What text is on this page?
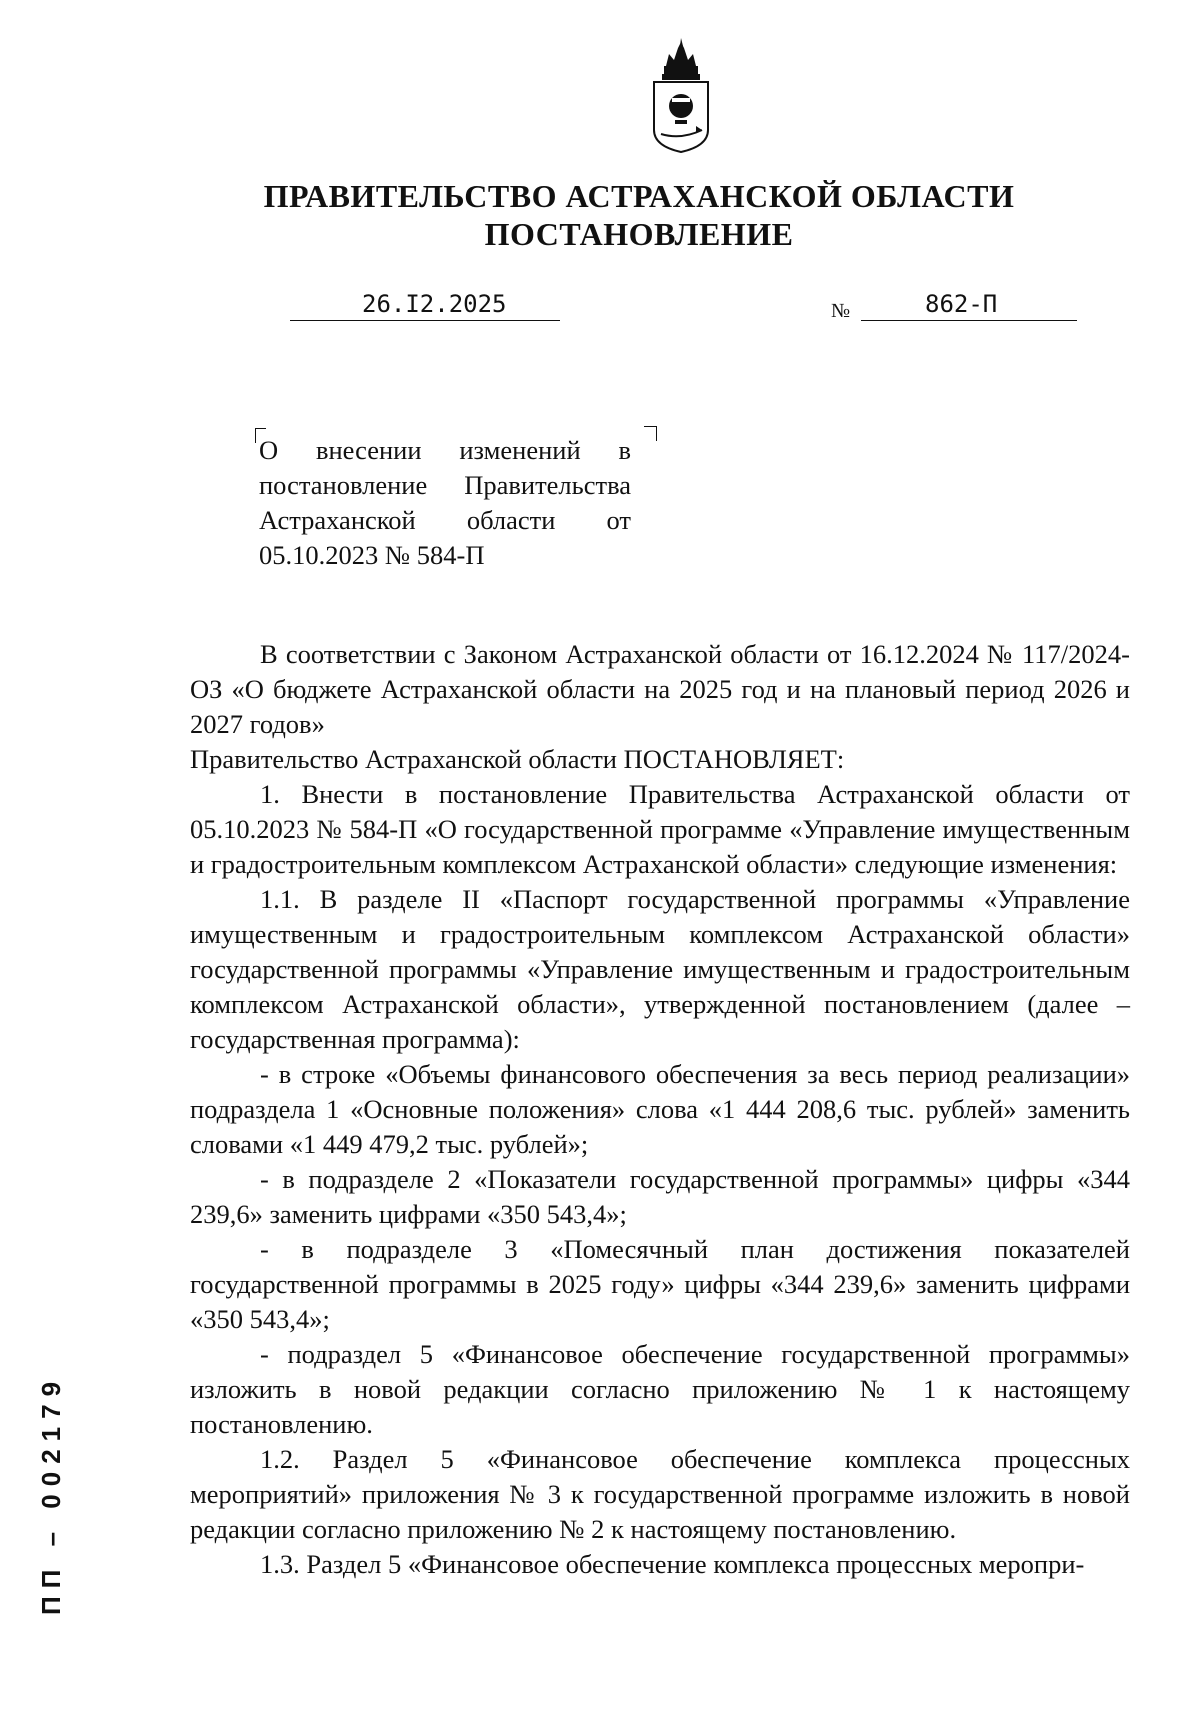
ПРАВИТЕЛЬСТВО АСТРАХАНСКОЙ ОБЛАСТИ
ПОСТАНОВЛЕНИЕ
26.I2.2025	№	862-П
О внесении изменений в постановление Правительства Астраханской области от 05.10.2023 № 584-П

В соответствии с Законом Астраханской области от 16.12.2024 № 117/2024-ОЗ «О бюджете Астраханской области на 2025 год и на плановый период 2026 и 2027 годов»

Правительство Астраханской области ПОСТАНОВЛЯЕТ:

1. Внести в постановление Правительства Астраханской области от 05.10.2023 № 584-П «О государственной программе «Управление имущественным и градостроительным комплексом Астраханской области» следующие изменения:

1.1. В разделе II «Паспорт государственной программы «Управление имущественным и градостроительным комплексом Астраханской области» государственной программы «Управление имущественным и градостроительным комплексом Астраханской области», утвержденной постановлением (далее – государственная программа):

- в строке «Объемы финансового обеспечения за весь период реализации» подраздела 1 «Основные положения» слова «1 444 208,6 тыс. рублей» заменить словами «1 449 479,2 тыс. рублей»;

- в подразделе 2 «Показатели государственной программы» цифры «344 239,6» заменить цифрами «350 543,4»;

- в подразделе 3 «Помесячный план достижения показателей государственной программы в 2025 году» цифры «344 239,6» заменить цифрами «350 543,4»;

- подраздел 5 «Финансовое обеспечение государственной программы» изложить в новой редакции согласно приложению № 1 к настоящему постановлению.

1.2. Раздел 5 «Финансовое обеспечение комплекса процессных мероприятий» приложения № 3 к государственной программе изложить в новой редакции согласно приложению № 2 к настоящему постановлению.

1.3. Раздел 5 «Финансовое обеспечение комплекса процессных меропри-

ПП – 002179
